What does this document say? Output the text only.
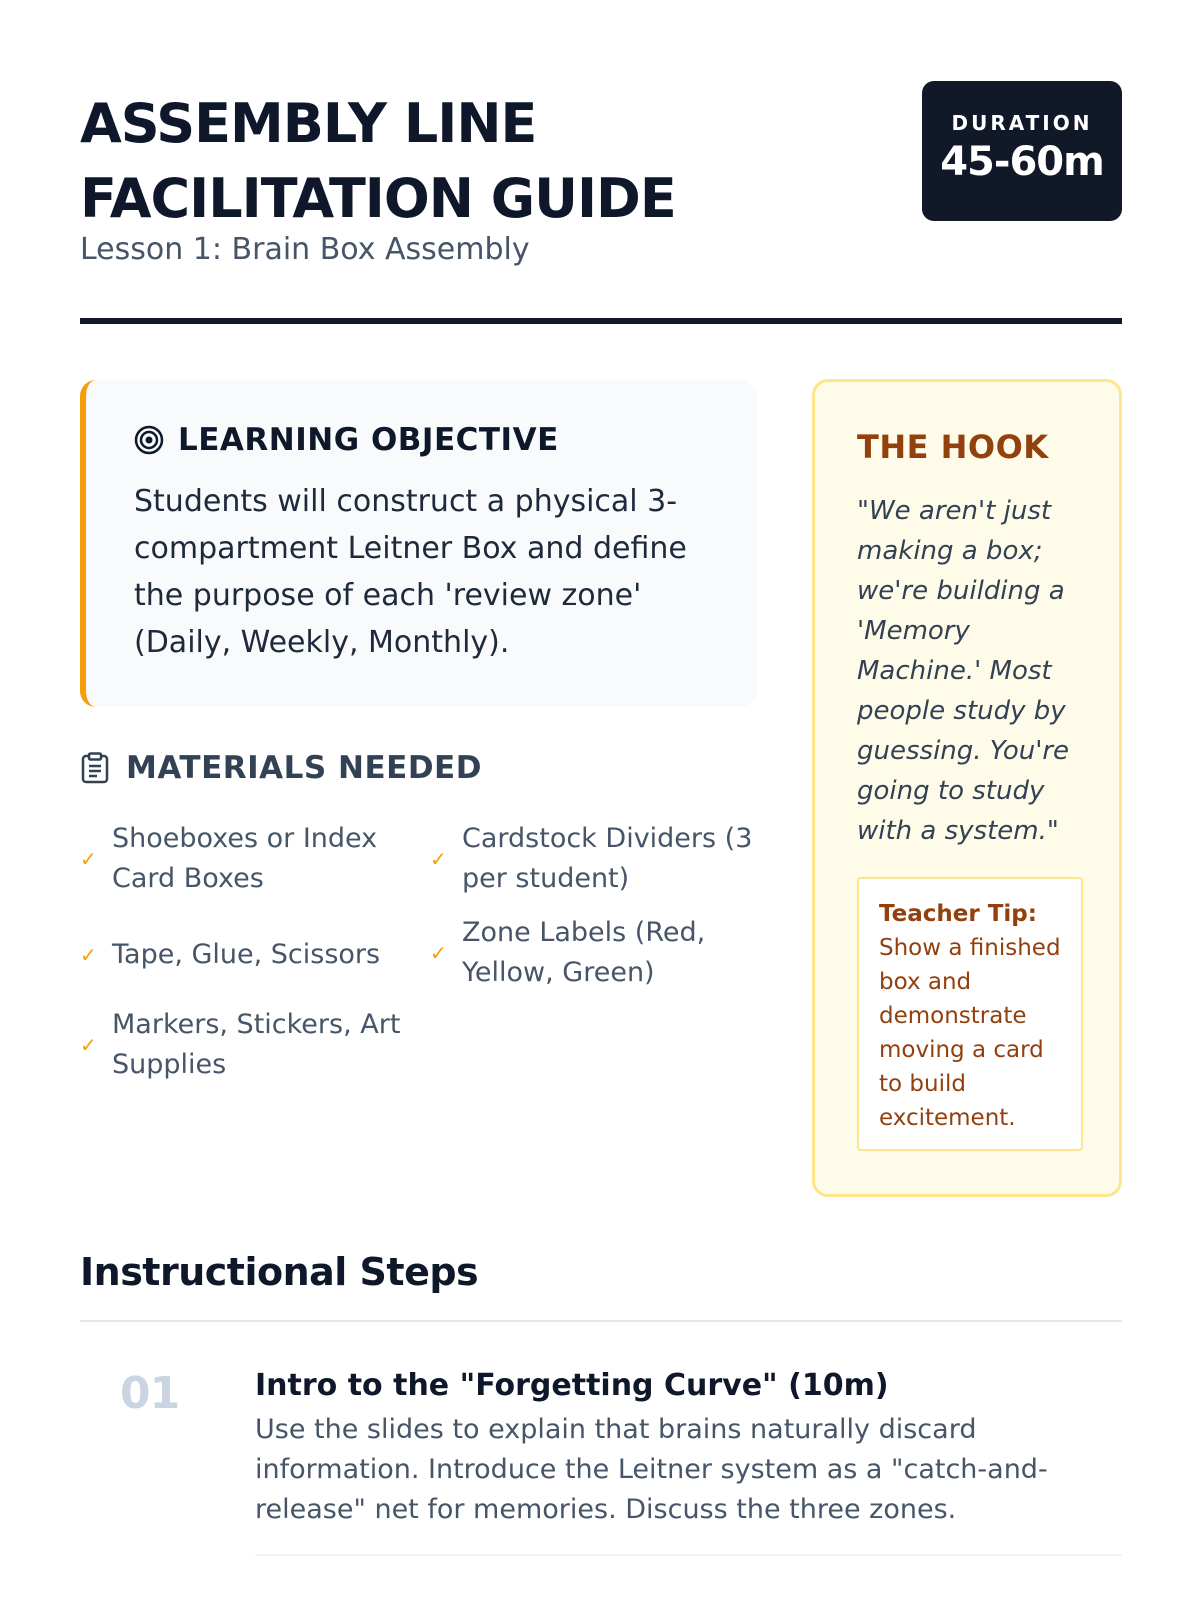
ASSEMBLY LINE
FACILITATION GUIDE
Lesson 1: Brain Box Assembly
DURATION
45-60m
LEARNING OBJECTIVE

Students will construct a physical 3-compartment Leitner Box and define the purpose of each 'review zone' (Daily, Weekly, Monthly).

MATERIALS NEEDED
✓
Shoeboxes or Index Card Boxes
✓
Cardstock Dividers (3 per student)
✓ Tape, Glue, Scissors ✓
Zone Labels (Red, Yellow, Green)
✓
Markers, Stickers, Art Supplies
THE HOOK

"We aren't just making a box; we're building a 'Memory Machine.' Most people study by guessing. You're going to study with a system."

Teacher Tip:
Show a finished box and demonstrate moving a card to build excitement.
Instructional Steps
01	Intro to the "Forgetting Curve" (10m)

Use the slides to explain that brains naturally discard information. Introduce the Leitner system as a "catch-and-release" net for memories. Discuss the three zones.
